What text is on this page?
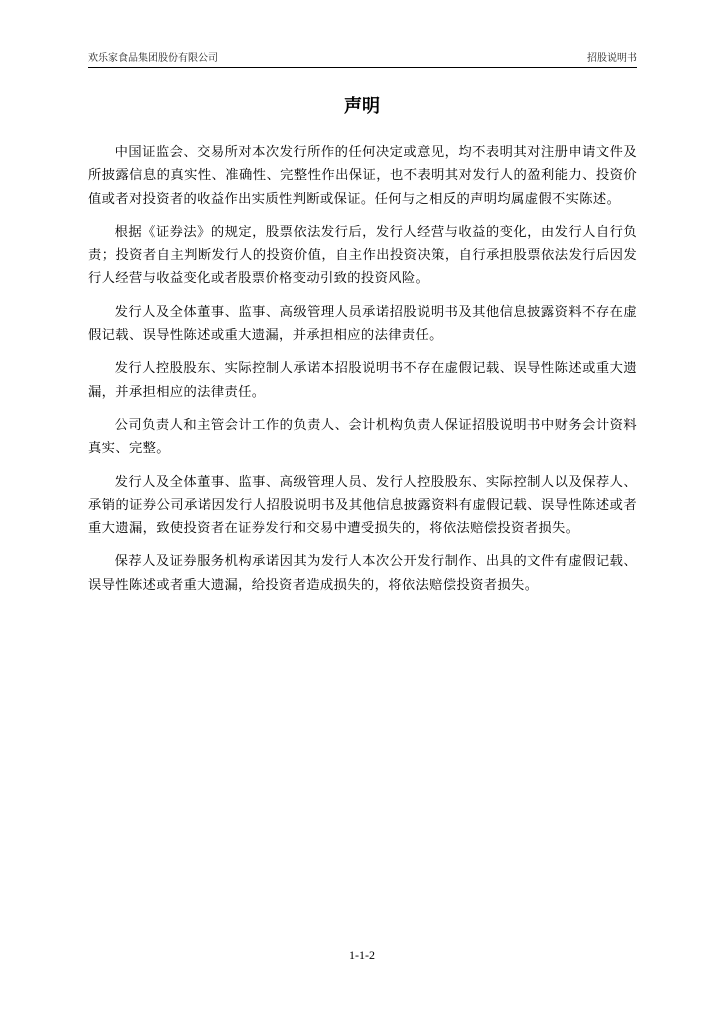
欢乐家食品集团股份有限公司	招股说明书
声明

中国证监会、交易所对本次发行所作的任何决定或意见，均不表明其对注册申请文件及所披露信息的真实性、准确性、完整性作出保证，也不表明其对发行人的盈利能力、投资价值或者对投资者的收益作出实质性判断或保证。任何与之相反的声明均属虚假不实陈述。

根据《证券法》的规定，股票依法发行后，发行人经营与收益的变化，由发行人自行负责；投资者自主判断发行人的投资价值，自主作出投资决策，自行承担股票依法发行后因发行人经营与收益变化或者股票价格变动引致的投资风险。

发行人及全体董事、监事、高级管理人员承诺招股说明书及其他信息披露资料不存在虚假记载、误导性陈述或重大遗漏，并承担相应的法律责任。

发行人控股股东、实际控制人承诺本招股说明书不存在虚假记载、误导性陈述或重大遗漏，并承担相应的法律责任。

公司负责人和主管会计工作的负责人、会计机构负责人保证招股说明书中财务会计资料真实、完整。

发行人及全体董事、监事、高级管理人员、发行人控股股东、实际控制人以及保荐人、承销的证券公司承诺因发行人招股说明书及其他信息披露资料有虚假记载、误导性陈述或者重大遗漏，致使投资者在证券发行和交易中遭受损失的，将依法赔偿投资者损失。

保荐人及证券服务机构承诺因其为发行人本次公开发行制作、出具的文件有虚假记载、误导性陈述或者重大遗漏，给投资者造成损失的，将依法赔偿投资者损失。

1-1-2
